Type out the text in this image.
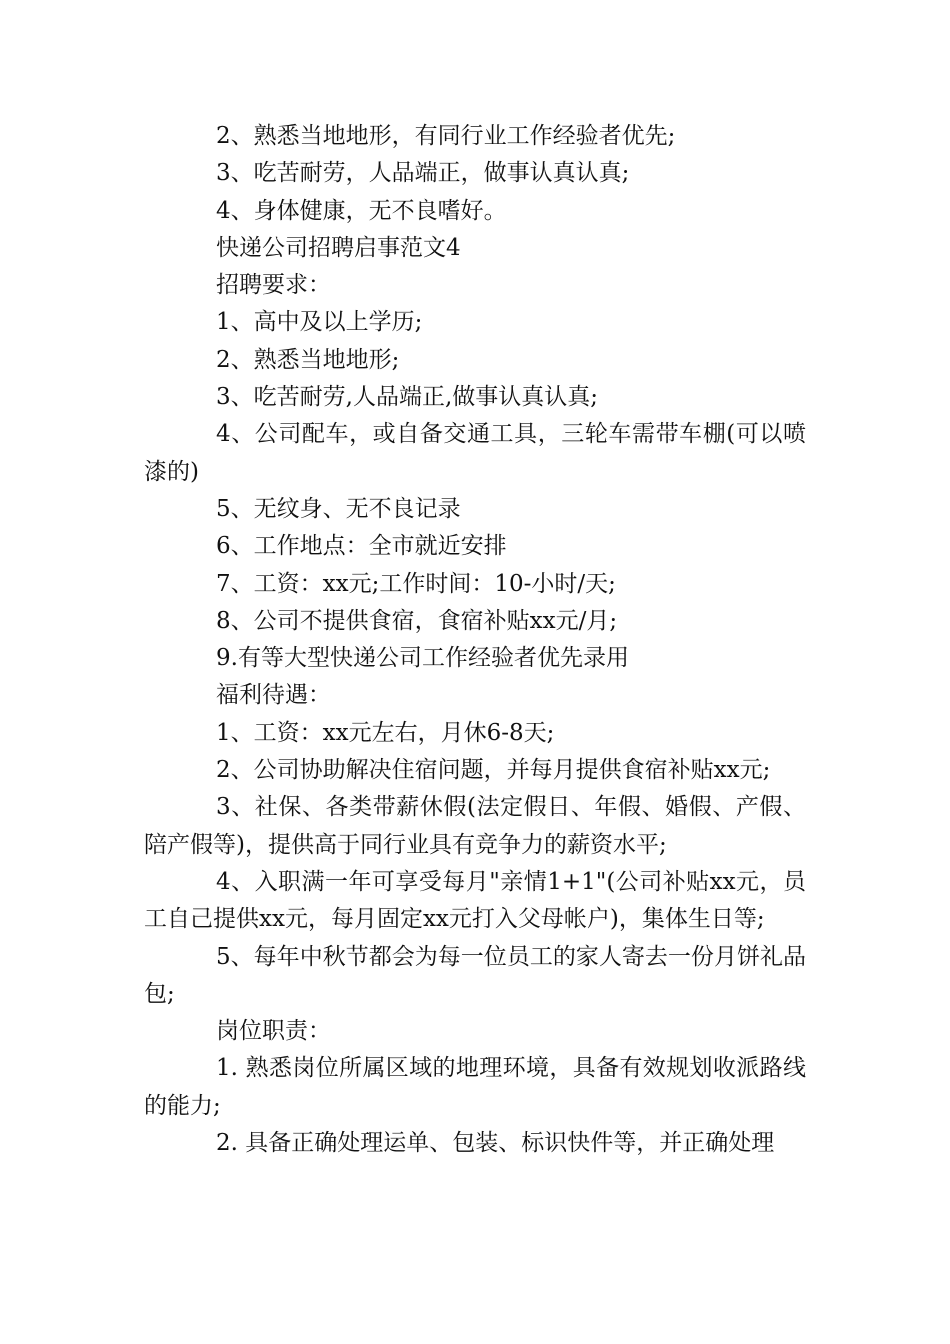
2、熟悉当地地形，有同行业工作经验者优先;

3、吃苦耐劳，人品端正，做事认真认真;

4、身体健康，无不良嗜好。

快递公司招聘启事范文4

招聘要求：

1、高中及以上学历;

2、熟悉当地地形;

3、吃苦耐劳,人品端正,做事认真认真;

4、公司配车，或自备交通工具，三轮车需带车棚(可以喷漆的)

5、无纹身、无不良记录

6、工作地点：全市就近安排

7、工资：xx元;工作时间：10-小时/天;

8、公司不提供食宿，食宿补贴xx元/月;

9.有等大型快递公司工作经验者优先录用

福利待遇：

1、工资：xx元左右，月休6-8天;

2、公司协助解决住宿问题，并每月提供食宿补贴xx元;

3、社保、各类带薪休假(法定假日、年假、婚假、产假、陪产假等)，提供高于同行业具有竞争力的薪资水平;

4、入职满一年可享受每月"亲情1+1"(公司补贴xx元，员工自己提供xx元，每月固定xx元打入父母帐户)，集体生日等;

5、每年中秋节都会为每一位员工的家人寄去一份月饼礼品包;

岗位职责：

1. 熟悉岗位所属区域的地理环境，具备有效规划收派路线的能力;

2. 具备正确处理运单、包装、标识快件等，并正确处理
